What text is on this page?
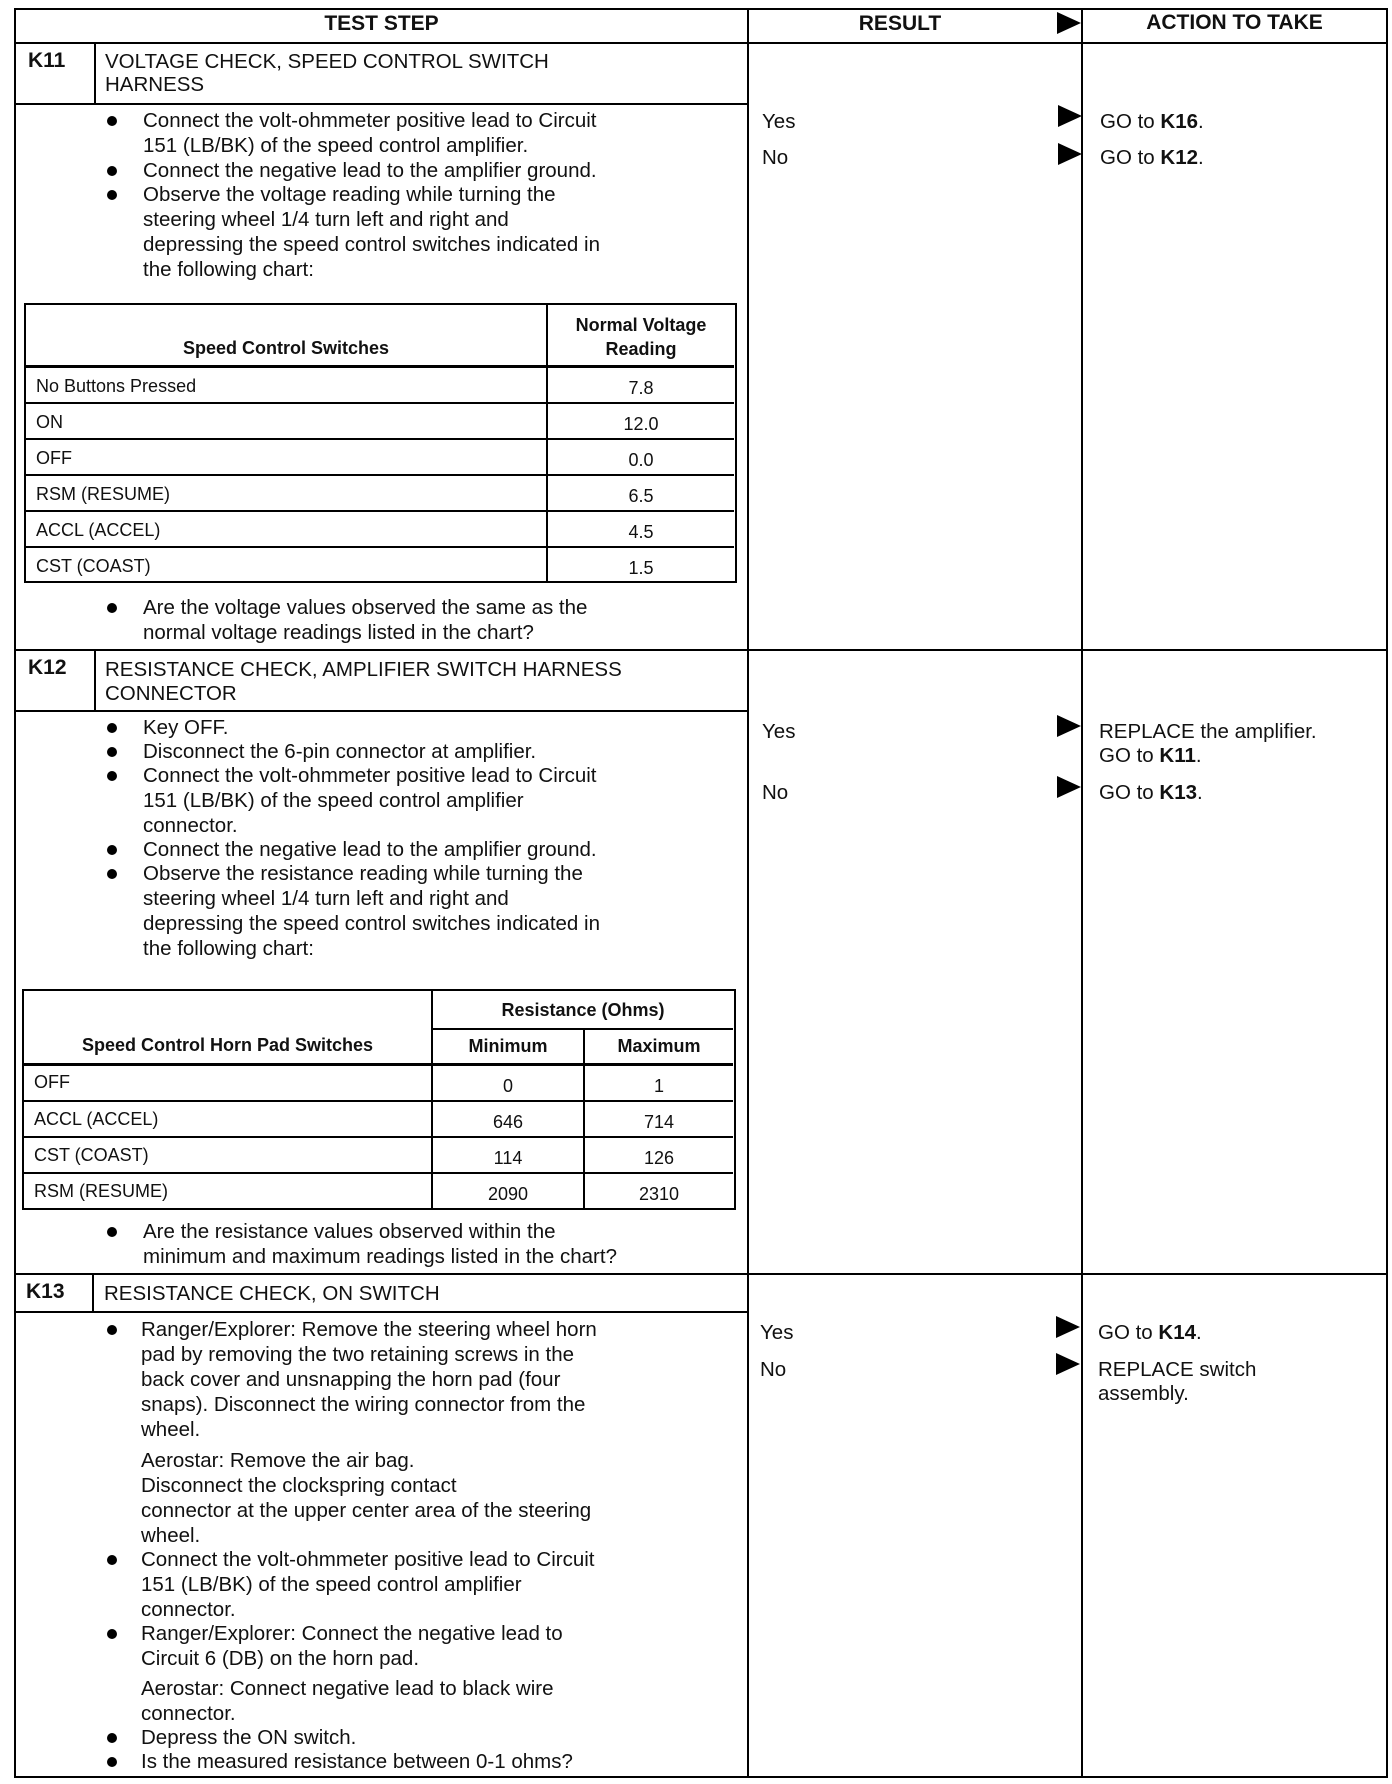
TEST STEP	RESULT	ACTION TO TAKE
K11 VOLTAGE CHECK, SPEED CONTROL SWITCH
HARNESS
Connect the volt-ohmmeter positive lead to Circuit
151 (LB/BK) of the speed control amplifier.
Connect the negative lead to the amplifier ground.
Observe the voltage reading while turning the
steering wheel 1/4 turn left and right and
depressing the speed control switches indicated in
the following chart:
Speed Control Switches
Normal Voltage
Reading
No Buttons Pressed	7.8
ON	12.0
OFF	0.0
RSM (RESUME)	6.5
ACCL (ACCEL)	4.5
CST (COAST)	1.5
Are the voltage values observed the same as the
normal voltage readings listed in the chart?
Yes	GO to K16.
No	GO to K12.
K12 RESISTANCE CHECK, AMPLIFIER SWITCH HARNESS
CONNECTOR
Key OFF.
Disconnect the 6-pin connector at amplifier.
Connect the volt-ohmmeter positive lead to Circuit
151 (LB/BK) of the speed control amplifier
connector.
Connect the negative lead to the amplifier ground.
Observe the resistance reading while turning the
steering wheel 1/4 turn left and right and
depressing the speed control switches indicated in
the following chart:
Speed Control Horn Pad Switches
Resistance (Ohms)
Minimum	Maximum
OFF	0	1
ACCL (ACCEL)	646	714
CST (COAST)	114	126
RSM (RESUME)	2090	2310
Are the resistance values observed within the
minimum and maximum readings listed in the chart?
Yes	REPLACE the amplifier.
GO to K11.
No	GO to K13.
K13 RESISTANCE CHECK, ON SWITCH
Ranger/Explorer: Remove the steering wheel horn
pad by removing the two retaining screws in the
back cover and unsnapping the horn pad (four
snaps). Disconnect the wiring connector from the
wheel.
Aerostar: Remove the air bag.
Disconnect the clockspring contact
connector at the upper center area of the steering
wheel.
Connect the volt-ohmmeter positive lead to Circuit
151 (LB/BK) of the speed control amplifier
connector.
Ranger/Explorer: Connect the negative lead to
Circuit 6 (DB) on the horn pad.
Aerostar: Connect negative lead to black wire
connector.
Depress the ON switch.
Is the measured resistance between 0-1 ohms?
Yes	GO to K14.
No	REPLACE switch
assembly.
